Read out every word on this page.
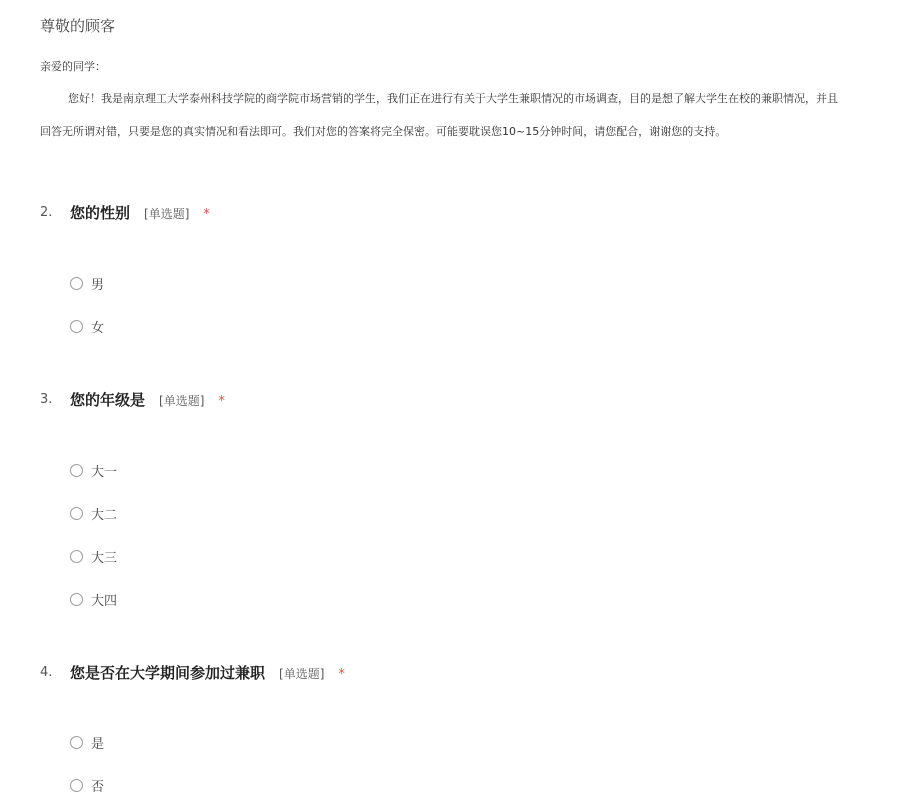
尊敬的顾客
亲爱的同学：
您好！我是南京理工大学泰州科技学院的商学院市场营销的学生，我们正在进行有关于大学生兼职情况的市场调查，目的是想了解大学生在校的兼职情况，并且
回答无所谓对错，只要是您的真实情况和看法即可。我们对您的答案将完全保密。可能要耽误您10~15分钟时间，请您配合，谢谢您的支持。
2. 您的性别 [单选题] *
男
女
3. 您的年级是 [单选题] *
大一
大二
大三
大四
4. 您是否在大学期间参加过兼职 [单选题] *
是
否
